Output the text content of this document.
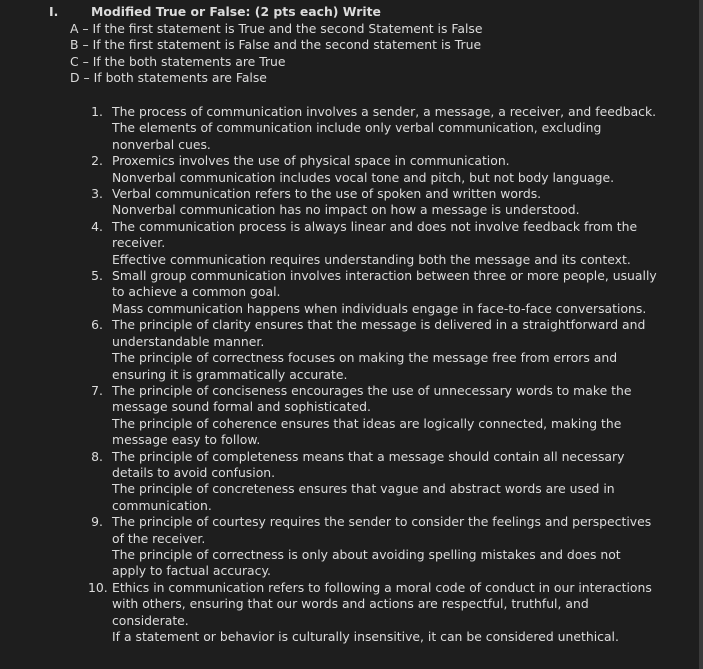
I.	Modified True or False: (2 pts each) Write
A – If the first statement is True and the second Statement is False
B – If the first statement is False and the second statement is True
C – If the both statements are True
D – If both statements are False
1. The process of communication involves a sender, a message, a receiver, and feedback.

The elements of communication include only verbal communication, excluding nonverbal cues.

2. Proxemics involves the use of physical space in communication.

Nonverbal communication includes vocal tone and pitch, but not body language.

3. Verbal communication refers to the use of spoken and written words.

Nonverbal communication has no impact on how a message is understood.

4. The communication process is always linear and does not involve feedback from the receiver.

Effective communication requires understanding both the message and its context.

5. Small group communication involves interaction between three or more people, usually to achieve a common goal.

Mass communication happens when individuals engage in face-to-face conversations.

6. The principle of clarity ensures that the message is delivered in a straightforward and understandable manner.

The principle of correctness focuses on making the message free from errors and ensuring it is grammatically accurate.

7. The principle of conciseness encourages the use of unnecessary words to make the message sound formal and sophisticated.

The principle of coherence ensures that ideas are logically connected, making the message easy to follow.

8. The principle of completeness means that a message should contain all necessary details to avoid confusion.

The principle of concreteness ensures that vague and abstract words are used in communication.

9. The principle of courtesy requires the sender to consider the feelings and perspectives of the receiver.

The principle of correctness is only about avoiding spelling mistakes and does not apply to factual accuracy.

10. Ethics in communication refers to following a moral code of conduct in our interactions with others, ensuring that our words and actions are respectful, truthful, and considerate.

If a statement or behavior is culturally insensitive, it can be considered unethical.
